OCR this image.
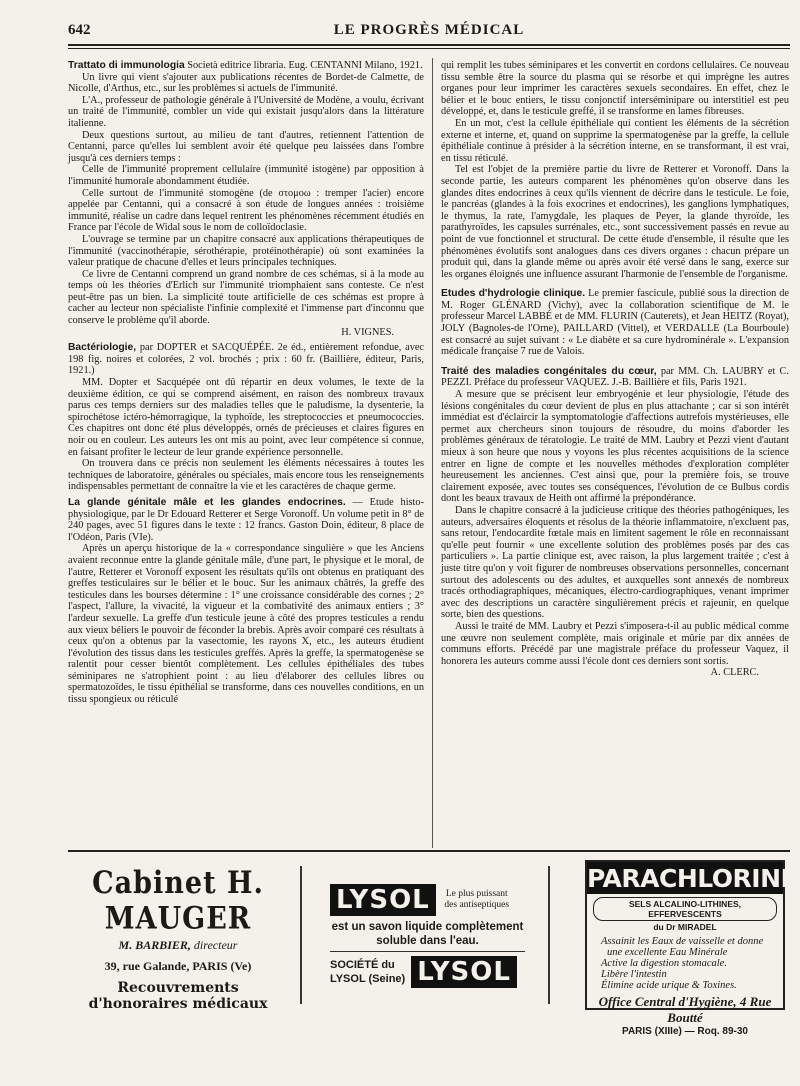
642	LE PROGRÈS MÉDICAL

Trattato di immunologia Società editrice libraria. Eug. CENTANNI Milano, 1921.

Un livre qui vient s'ajouter aux publications récentes de Bordet-de Calmette, de Nicolle, d'Arthus, etc., sur les problèmes si actuels de l'immunité.

L'A., professeur de pathologie générale à l'Université de Modène, a voulu, écrivant un traité de l'immunité, combler un vide qui existait jusqu'alors dans la littérature italienne.

Deux questions surtout, au milieu de tant d'autres, retiennent l'attention de Centanni, parce qu'elles lui semblent avoir été quelque peu laissées dans l'ombre jusqu'à ces derniers temps :

Celle de l'immunité proprement cellulaire (immunité istogène) par opposition à l'immunité humorale abondamment étudiée.

Celle surtout de l'immunité stomogène (de στομοω : tremper l'acier) encore appelée par Centanni, qui a consacré à son étude de longues années : troisième immunité, réalise un cadre dans lequel rentrent les phénomènes récemment étudiés en France par l'école de Widal sous le nom de colloïdoclasie.

L'ouvrage se termine par un chapitre consacré aux applications thérapeutiques de l'immunité (vaccinothérapie, sérothérapie, protéinothérapie) où sont examinées la valeur pratique de chacune d'elles et leurs principales techniques.

Ce livre de Centanni comprend un grand nombre de ces schémas, si à la mode au temps où les théories d'Erlich sur l'immunité triomphaient sans conteste. Ce n'est peut-être pas un bien. La simplicité toute artificielle de ces schémas est propre à cacher au lecteur non spécialiste l'infinie complexité et l'immense part d'inconnu que conserve le problème qu'il aborde.

H. VIGNES.

Bactériologie, par DOPTER et SACQUÉPÉE. 2e éd., entièrement refondue, avec 198 fig. noires et colorées, 2 vol. brochés ; prix : 60 fr. (Baillière, éditeur, Paris, 1921.)

MM. Dopter et Sacquépée ont dû répartir en deux volumes, le texte de la deuxième édition, ce qui se comprend aisément, en raison des nombreux travaux parus ces temps derniers sur des maladies telles que le paludisme, la dysenterie, la spirochétose ictéro-hémorragique, la typhoïde, les streptococcies et pneumococcies. Ces chapitres ont donc été plus développés, ornés de précieuses et claires figures en noir ou en couleur. Les auteurs les ont mis au point, avec leur compétence si connue, en faisant profiter le lecteur de leur grande expérience personnelle.

On trouvera dans ce précis non seulement les éléments nécessaires à toutes les techniques de laboratoire, générales ou spéciales, mais encore tous les renseignements indispensables permettant de connaître la vie et les caractères de chaque germe.

La glande génitale mâle et les glandes endocrines. — Etude histo-physiologique, par le Dr Edouard Retterer et Serge Voronoff. Un volume petit in 8° de 240 pages, avec 51 figures dans le texte : 12 francs. Gaston Doin, éditeur, 8 place de l'Odéon, Paris (VIe).

Après un aperçu historique de la « correspondance singulière » que les Anciens avaient reconnue entre la glande génitale mâle, d'une part, le physique et le moral, de l'autre, Retterer et Voronoff exposent les résultats qu'ils ont obtenus en pratiquant des greffes testiculaires sur le bélier et le bouc. Sur les animaux châtrés, la greffe des testicules dans les bourses détermine : 1° une croissance considérable des cornes ; 2° l'aspect, l'allure, la vivacité, la vigueur et la combativité des animaux entiers ; 3° l'ardeur sexuelle. La greffe d'un testicule jeune à côté des propres testicules a rendu aux vieux béliers le pouvoir de féconder la brebis. Après avoir comparé ces résultats à ceux qu'on a obtenus par la vasectomie, les rayons X, etc., les auteurs étudient l'évolution des tissus dans les testicules greffés. Après la greffe, la spermatogenèse se ralentit pour cesser bientôt complètement. Les cellules épithéliales des tubes séminipares ne s'atrophient point : au lieu d'élaborer des cellules libres ou spermatozoïdes, le tissu épithélial se transforme, dans ces nouvelles conditions, en un tissu spongieux ou réticulé

qui remplit les tubes séminipares et les convertit en cordons cellulaires. Ce nouveau tissu semble être la source du plasma qui se résorbe et qui imprègne les autres organes pour leur imprimer les caractères sexuels secondaires. En effet, chez le bélier et le bouc entiers, le tissu conjonctif interséminipare ou interstitiel est peu développé, et, dans le testicule greffé, il se transforme en lames fibreuses.

En un mot, c'est la cellule épithéliale qui contient les éléments de la sécrétion externe et interne, et, quand on supprime la spermatogenèse par la greffe, la cellule épithéliale continue à présider à la sécrétion interne, en se transformant, il est vrai, en tissu réticulé.

Tel est l'objet de la première partie du livre de Retterer et Voronoff. Dans la seconde partie, les auteurs comparent les phénomènes qu'on observe dans les glandes dites endocrines à ceux qu'ils viennent de décrire dans le testicule. Le foie, le pancréas (glandes à la fois exocrines et endocrines), les ganglions lymphatiques, le thymus, la rate, l'amygdale, les plaques de Peyer, la glande thyroïde, les parathyroïdes, les capsules surrénales, etc., sont successivement passés en revue au point de vue fonctionnel et structural. De cette étude d'ensemble, il résulte que les phénomènes évolutifs sont analogues dans ces divers organes : chacun prépare un produit qui, dans la glande même ou après avoir été versé dans le sang, exerce sur les organes éloignés une influence assurant l'harmonie de l'ensemble de l'organisme.

Etudes d'hydrologie clinique. Le premier fascicule, publié sous la direction de M. Roger GLÉNARD (Vichy), avec la collaboration scientifique de M. le professeur Marcel LABBÉ et de MM. FLURIN (Cauterets), et Jean HEITZ (Royat), JOLY (Bagnoles-de l'Orne), PAILLARD (Vittel), et VERDALLE (La Bourboule) est consacré au sujet suivant : « Le diabète et sa cure hydrominérale ». L'expansion médicale française 7 rue de Valois.

Traité des maladies congénitales du cœur, par MM. Ch. LAUBRY et C. PEZZI. Préface du professeur VAQUEZ. J.-B. Baillière et fils, Paris 1921.

A mesure que se précisent leur embryogénie et leur physiologie, l'étude des lésions congénitales du cœur devient de plus en plus attachante ; car si son intérêt immédiat est d'éclaircir la symptomatologie d'affections autrefois mystérieuses, elle permet aux chercheurs sinon toujours de résoudre, du moins d'aborder les problèmes généraux de tératologie. Le traité de MM. Laubry et Pezzi vient d'autant mieux à son heure que nous y voyons les plus récentes acquisitions de la science entrer en ligne de compte et les nouvelles méthodes d'exploration compléter heureusement les anciennes. C'est ainsi que, pour la première fois, se trouve clairement exposée, avec toutes ses conséquences, l'évolution de ce Bulbus cordis dont les beaux travaux de Heith ont affirmé la prépondérance.

Dans le chapitre consacré à la judicieuse critique des théories pathogéniques, les auteurs, adversaires éloquents et résolus de la théorie inflammatoire, n'excluent pas, sans retour, l'endocardite fœtale mais en limitent sagement le rôle en reconnaissant qu'elle peut fournir « une excellente solution des problèmes posés par des cas particuliers ». La partie clinique est, avec raison, la plus largement traitée ; c'est à juste titre qu'on y voit figurer de nombreuses observations personnelles, concernant surtout des adolescents ou des adultes, et auxquelles sont annexés de nombreux tracés orthodiagraphiques, mécaniques, électro-cardiographiques, venant imprimer avec des descriptions un caractère singulièrement précis et rajeunir, en quelque sorte, bien des questions.

Aussi le traité de MM. Laubry et Pezzi s'imposera-t-il au public médical comme une œuvre non seulement complète, mais originale et mûrie par dix années de communs efforts. Précédé par une magistrale préface du professeur Vaquez, il honorera les auteurs comme aussi l'école dont ces derniers sont sortis.

A. CLERC.

Cabinet H. MAUGER
M. BARBIER, directeur
39, rue Galande, PARIS (Ve)
Recouvrements d'honoraires médicaux
LYSOL	Le plus puissant des antiseptiques
est un savon liquide complètement soluble dans l'eau.
SOCIÉTÉ du
LYSOL (Seine) LYSOL
PARACHLORINE
SELS ALCALINO-LITHINES, EFFERVESCENTS
du Dr MIRADEL
Assainit les Eaux de vaisselle et donne
une excellente Eau Minérale
Active la digestion stomacale.
Libère l'intestin
Élimine acide urique & Toxines.
Office Central d'Hygiène, 4 Rue Boutté
PARIS (XIIIe) — Roq. 89-30
